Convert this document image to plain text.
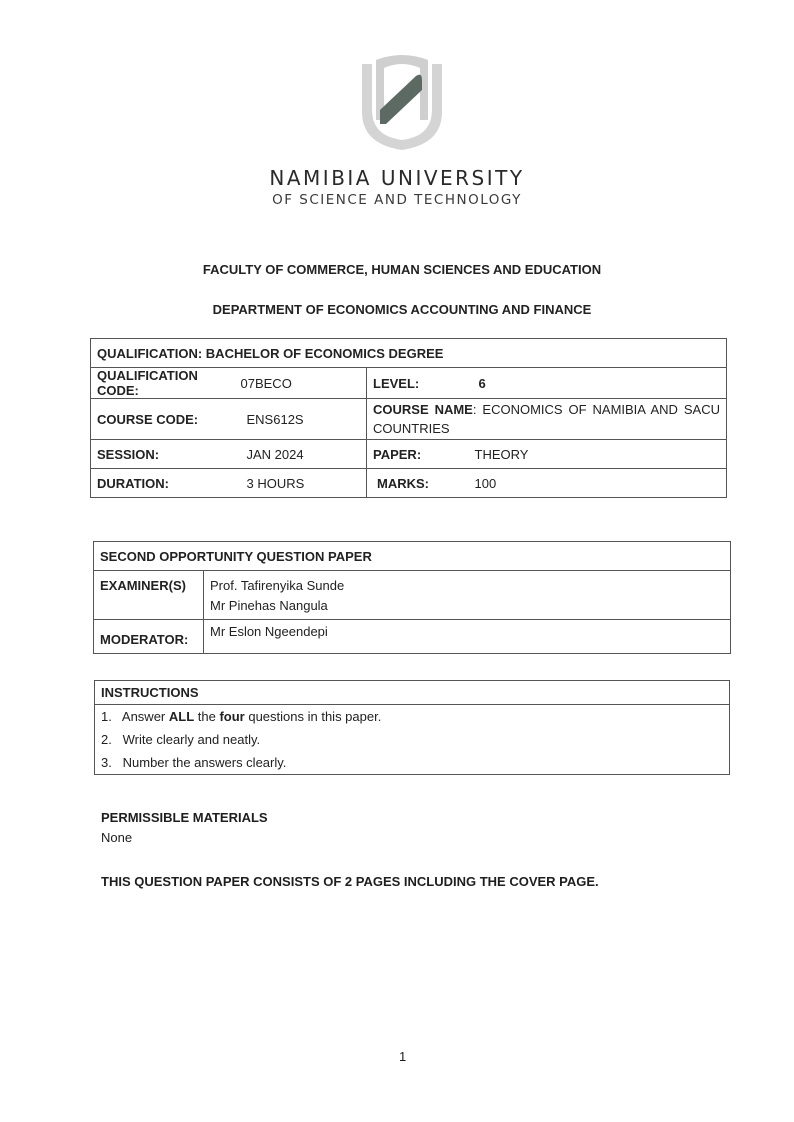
NAMIBIA UNIVERSITY
OF SCIENCE AND TECHNOLOGY
FACULTY OF COMMERCE, HUMAN SCIENCES AND EDUCATION
DEPARTMENT OF ECONOMICS ACCOUNTING AND FINANCE
QUALIFICATION: BACHELOR OF ECONOMICS DEGREE			
QUALIFICATION CODE:	07BECO	LEVEL:	6
COURSE CODE:	ENS612S	COURSE NAME: ECONOMICS OF NAMIBIA AND SACU COUNTRIES	
SESSION:	JAN 2024	PAPER:	THEORY
DURATION:	3 HOURS	MARKS:	100
SECOND OPPORTUNITY QUESTION PAPER	
EXAMINER(S)	Prof. Tafirenyika Sunde
Mr Pinehas Nangula

MODERATOR:	Mr Eslon Ngeendepi
INSTRUCTIONS
1. Answer ALL the four questions in this paper.
2. Write clearly and neatly.
3. Number the answers clearly.
PERMISSIBLE MATERIALS
None
THIS QUESTION PAPER CONSISTS OF 2 PAGES INCLUDING THE COVER PAGE.
1
